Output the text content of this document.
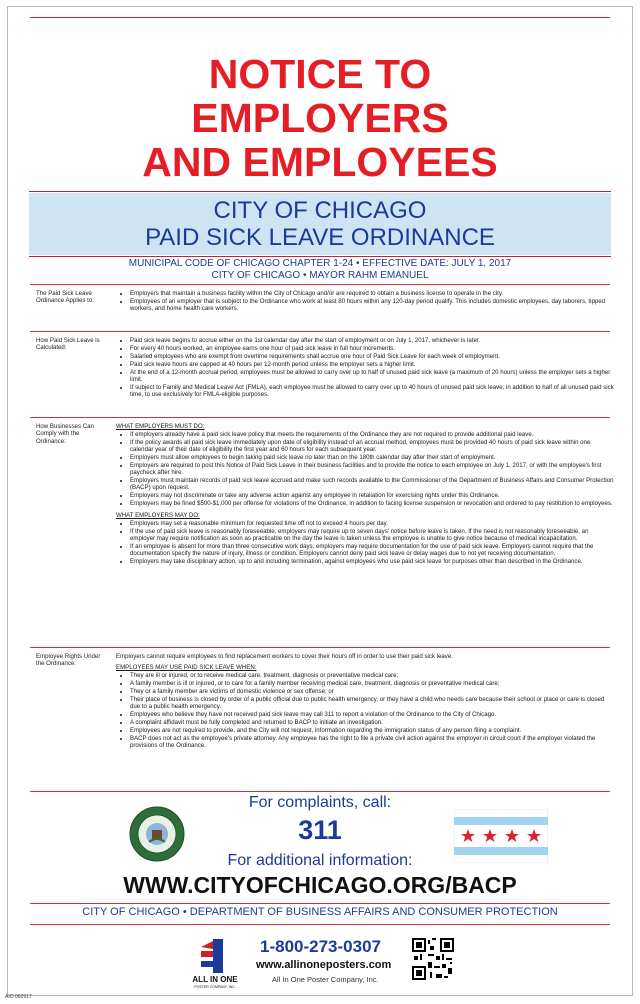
NOTICE TO
EMPLOYERS
AND EMPLOYEES
CITY OF CHICAGO
PAID SICK LEAVE ORDINANCE
MUNICIPAL CODE OF CHICAGO CHAPTER 1-24 • EFFECTIVE DATE: JULY 1, 2017
CITY OF CHICAGO • MAYOR RAHM EMANUEL
The Paid Sick Leave Ordinance Applies to:
• Employers that maintain a business facility within the City of Chicago and/or are required to obtain a business license to operate in the city.
• Employees of an employer that is subject to the Ordinance who work at least 80 hours within any 120-day period qualify. This includes domestic employees, day laborers, tipped workers, and home health care workers.
How Paid Sick Leave is Calculated:
• Paid sick leave begins to accrue either on the 1st calendar day after the start of employment or on July 1, 2017, whichever is later.
• For every 40 hours worked, an employee earns one hour of paid sick leave in full hour increments.
• Salaried employees who are exempt from overtime requirements shall accrue one hour of Paid Sick Leave for each week of employment.
• Paid sick leave hours are capped at 40 hours per 12-month period unless the employer sets a higher limit.
• At the end of a 12-month accrual period, employees must be allowed to carry over up to half of unused paid sick leave (a maximum of 20 hours) unless the employer sets a higher limit.
• If subject to Family and Medical Leave Act (FMLA), each employee must be allowed to carry over up to 40 hours of unused paid sick leave, in addition to half of all unused paid sick time, to use exclusively for FMLA-eligible purposes.
How Businesses Can Comply with the Ordinance:
WHAT EMPLOYERS MUST DO:
• If employers already have a paid sick leave policy that meets the requirements of the Ordinance they are not required to provide additional paid leave.
• If the policy awards all paid sick leave immediately upon date of eligibility instead of an accrual method, employees must be provided 40 hours of paid sick leave within one calendar year of their date of eligibility the first year and 60 hours for each subsequent year.
• Employers must allow employees to begin taking paid sick leave no later than on the 180th calendar day after their start of employment.
• Employers are required to post this Notice of Paid Sick Leave in their business facilities and to provide the notice to each employee on July 1, 2017, or with the employee's first paycheck after hire.
• Employers must maintain records of paid sick leave accrued and make such records available to the Commissioner of the Department of Business Affairs and Consumer Protection (BACP) upon request.
• Employers may not discriminate or take any adverse action against any employee in retaliation for exercising rights under this Ordinance.
• Employers may be fined $500-$1,000 per offense for violations of the Ordinance, in addition to facing license suspension or revocation and ordered to pay restitution to employees.
WHAT EMPLOYERS MAY DO:
• Employers may set a reasonable minimum for requested time off not to exceed 4 hours per day.
• If the use of paid sick leave is reasonably foreseeable, employers may require up to seven days' notice before leave is taken. If the need is not reasonably foreseeable, an employer may require notification as soon as practicable on the day the leave is taken unless the employee is unable to give notice because of medical incapacitation.
• If an employee is absent for more than three consecutive work days, employers may require documentation for the use of paid sick leave. Employers cannot require that the documentation specify the nature of injury, illness or condition. Employers cannot deny paid sick leave or delay wages due to not yet receiving documentation.
• Employers may take disciplinary action, up to and including termination, against employees who use paid sick leave for purposes other than described in the Ordinance.
Employee Rights Under the Ordinance:

Employers cannot require employees to find replacement workers to cover their hours off in order to use their paid sick leave.

EMPLOYEES MAY USE PAID SICK LEAVE WHEN:
• They are ill or injured, or to receive medical care, treatment, diagnosis or preventative medical care;
• A family member is ill or injured, or to care for a family member receiving medical care, treatment, diagnosis or preventative medical care;
• They or a family member are victims of domestic violence or sex offense; or
• Their place of business is closed by order of a public official due to public health emergency, or they have a child who needs care because their school or place or care is closed due to a public health emergency.
• Employees who believe they have not received paid sick leave may call 311 to report a violation of the Ordinance to the City of Chicago.
• A complaint affidavit must be fully completed and returned to BACP to initiate an investigation.
• Employees are not required to provide, and the City will not request, information regarding the immigration status of any person filing a complaint.
• BACP does not act as the employee's private attorney. Any employee has the right to file a private civil action against the employer in circuit court if the employer violated the provisions of the Ordinance.
For complaints, call:
311
For additional information:
WWW.CITYOFCHICAGO.ORG/BACP
CITY OF CHICAGO • DEPARTMENT OF BUSINESS AFFAIRS AND CONSUMER PROTECTION
ALL IN ONE
POSTER COMPANY, INC.
1-800-273-0307
www.allinoneposters.com
All In One Poster Company, Inc.
AIO 062917
